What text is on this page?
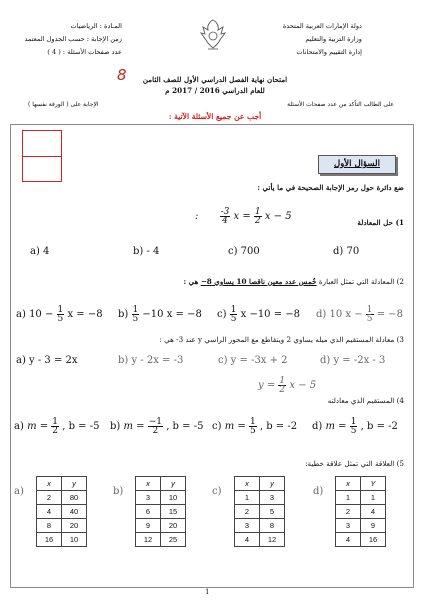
دولة الإمارات العربية المتحدة
وزارة التربية والتعليم
إدارة التقييم والامتحانات
المـادة : الرياضيات
زمن الإجابة : حسب الجدول المعتمد
عدد صفحات الأسئلة : ( 4 )
8	امتحان نهاية الفصل الدراسي الأول للصف الثامن
للعام الدراسي 2016 / 2017 م
على الطالب التأكد من عدد صفحات الأسئلة
الإجابة على ( الورقة نفسها )
أجب عن جميع الأسئلة الآتية :
السؤال الأول
ضع دائرة حول رمز الإجابة الصحيحة في ما يأتي :
1) حل المعادلة
: $\frac{-3}{4}$ $x = \frac{1}{2}$ x − 5
a) 4	b) - 4	c) 700	d) 70
2) المعادلة التي تمثل العبارة خُمس عدد معين ناقصا 10 يساوي 8− هي :
a) $10 - \frac{1}{5}$ x = −8 $b) \frac{1}{5} -10$ x = −8 $c) \frac{1}{5}$ x −10 = −8 d) 10 $x - \frac{1}{5} = -8$
3) معادلة المستقيم الذي ميله يساوي 2 ويتقاطع مع المحور الراسي y عند 3- هي :
a) y - 3 = 2x	b) y - 2x = -3	c) y = -3x + 2	d) y = -2x - 3
$y = \frac{1}{2}$ x − 5
4) المستقيم الذي معادلته
a) $m = \frac{1}{2}$ , b = -5 b) $m = \frac{-1}{2}$ , b = -5 c) $m = \frac{1}{5}$ , b = -2 d) $m = \frac{1}{5}$ , b = -2
5) العلاقة التي تمثل علاقة خطية:
a)
x	y
2	80
4	40
8	20
16	10
b)
x	y
3	10
6	15
9	20
12	25
c)
x	y
1	3
2	5
3	8
4	12
d)
x	Y
1	1
2	4
3	9
4	16
1
